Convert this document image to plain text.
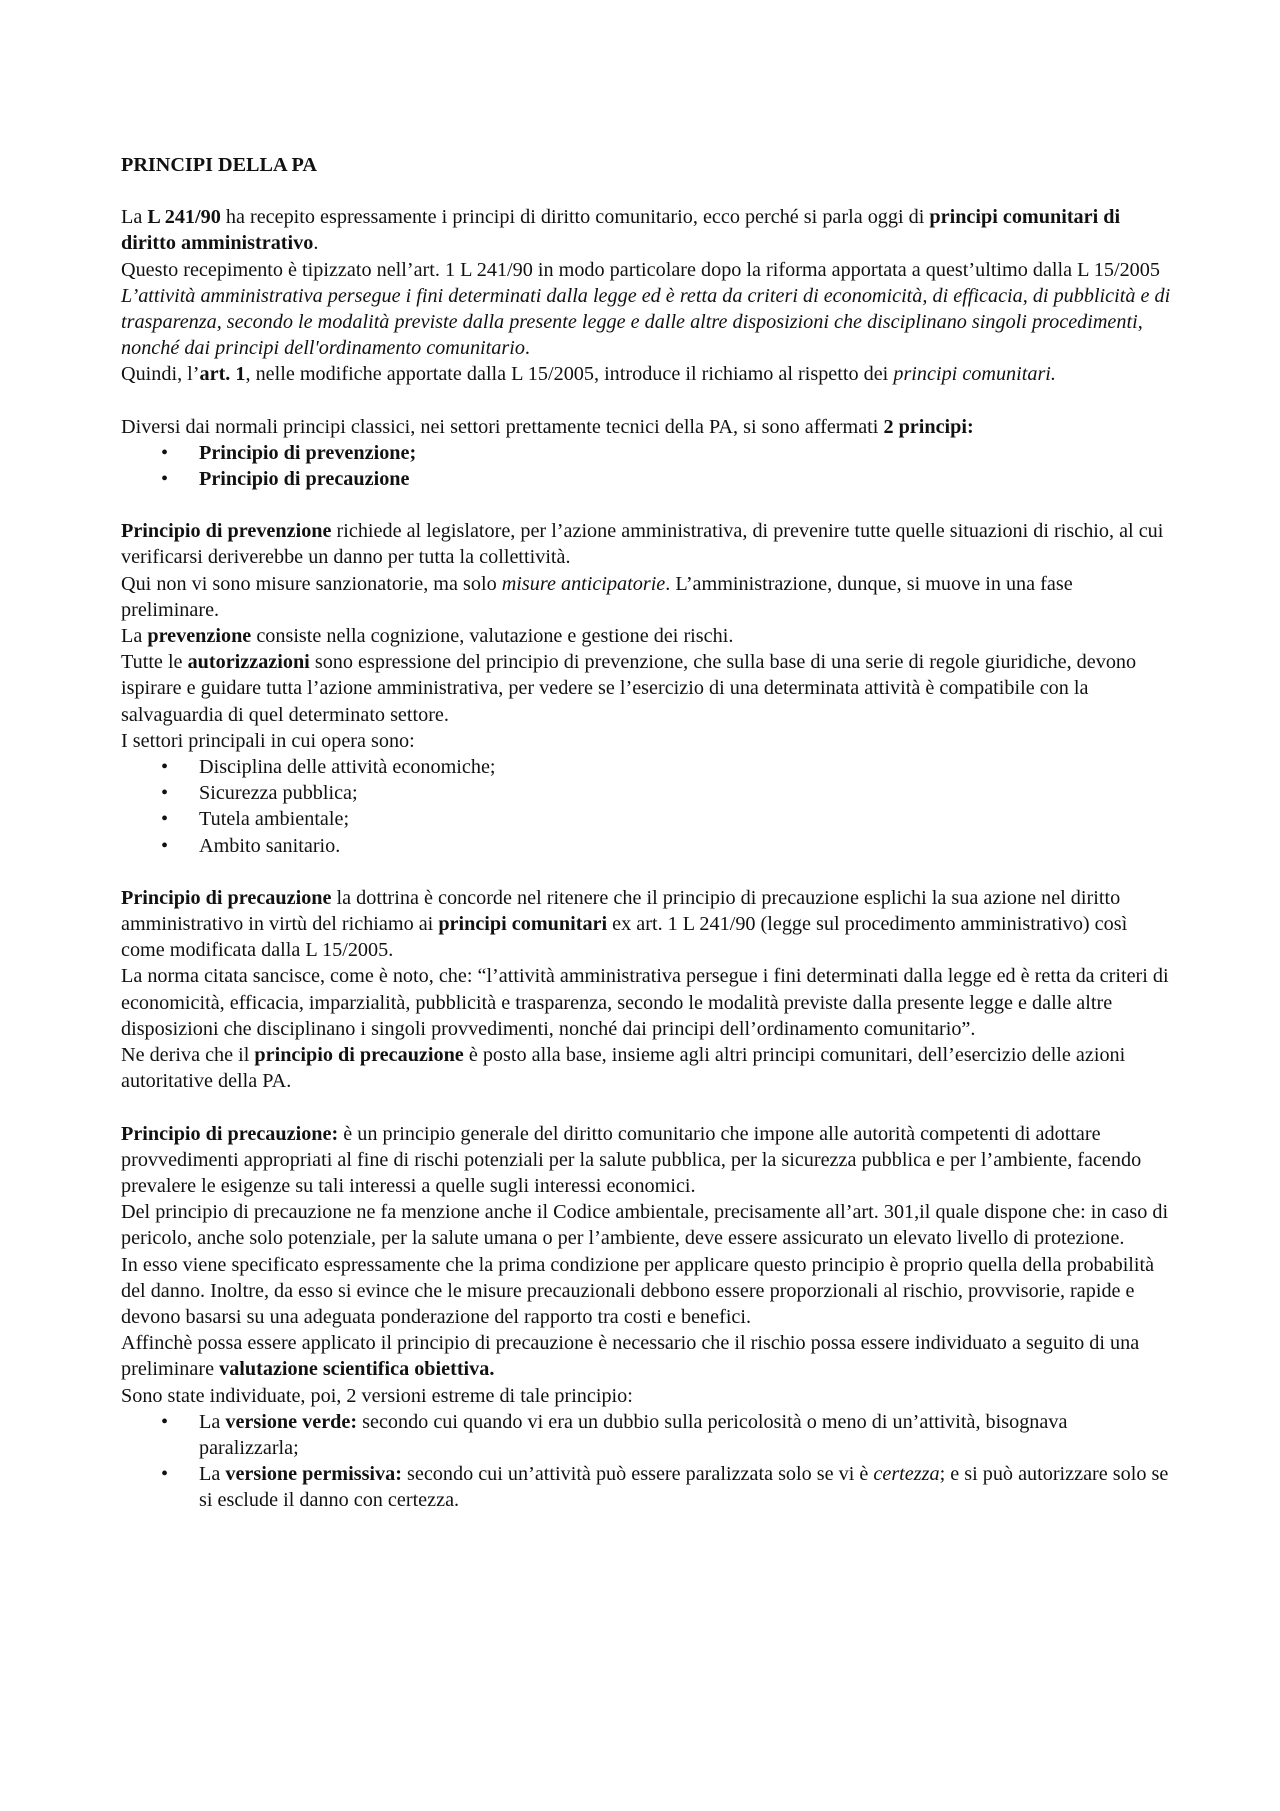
PRINCIPI DELLA PA

La L 241/90 ha recepito espressamente i principi di diritto comunitario, ecco perché si parla oggi di principi comunitari di diritto amministrativo.

Questo recepimento è tipizzato nell’art. 1 L 241/90 in modo particolare dopo la riforma apportata a quest’ultimo dalla L 15/2005 L’attività amministrativa persegue i fini determinati dalla legge ed è retta da criteri di economicità, di efficacia, di pubblicità e di trasparenza, secondo le modalità previste dalla presente legge e dalle altre disposizioni che disciplinano singoli procedimenti, nonché dai principi dell'ordinamento comunitario.

Quindi, l’art. 1, nelle modifiche apportate dalla L 15/2005, introduce il richiamo al rispetto dei principi comunitari.

Diversi dai normali principi classici, nei settori prettamente tecnici della PA, si sono affermati 2 principi:

• Principio di prevenzione;
• Principio di precauzione

Principio di prevenzione richiede al legislatore, per l’azione amministrativa, di prevenire tutte quelle situazioni di rischio, al cui verificarsi deriverebbe un danno per tutta la collettività.

Qui non vi sono misure sanzionatorie, ma solo misure anticipatorie. L’amministrazione, dunque, si muove in una fase preliminare.

La prevenzione consiste nella cognizione, valutazione e gestione dei rischi.

Tutte le autorizzazioni sono espressione del principio di prevenzione, che sulla base di una serie di regole giuridiche, devono ispirare e guidare tutta l’azione amministrativa, per vedere se l’esercizio di una determinata attività è compatibile con la salvaguardia di quel determinato settore.

I settori principali in cui opera sono:

• Disciplina delle attività economiche;
• Sicurezza pubblica;
• Tutela ambientale;
• Ambito sanitario.

Principio di precauzione la dottrina è concorde nel ritenere che il principio di precauzione esplichi la sua azione nel diritto amministrativo in virtù del richiamo ai principi comunitari ex art. 1 L 241/90 (legge sul procedimento amministrativo) così come modificata dalla L 15/2005.

La norma citata sancisce, come è noto, che: “l’attività amministrativa persegue i fini determinati dalla legge ed è retta da criteri di economicità, efficacia, imparzialità, pubblicità e trasparenza, secondo le modalità previste dalla presente legge e dalle altre disposizioni che disciplinano i singoli provvedimenti, nonché dai principi dell’ordinamento comunitario”.

Ne deriva che il principio di precauzione è posto alla base, insieme agli altri principi comunitari, dell’esercizio delle azioni autoritative della PA.

Principio di precauzione: è un principio generale del diritto comunitario che impone alle autorità competenti di adottare provvedimenti appropriati al fine di rischi potenziali per la salute pubblica, per la sicurezza pubblica e per l’ambiente, facendo prevalere le esigenze su tali interessi a quelle sugli interessi economici.

Del principio di precauzione ne fa menzione anche il Codice ambientale, precisamente all’art. 301,il quale dispone che: in caso di pericolo, anche solo potenziale, per la salute umana o per l’ambiente, deve essere assicurato un elevato livello di protezione.

In esso viene specificato espressamente che la prima condizione per applicare questo principio è proprio quella della probabilità del danno. Inoltre, da esso si evince che le misure precauzionali debbono essere proporzionali al rischio, provvisorie, rapide e devono basarsi su una adeguata ponderazione del rapporto tra costi e benefici.

Affinchè possa essere applicato il principio di precauzione è necessario che il rischio possa essere individuato a seguito di una preliminare valutazione scientifica obiettiva.

Sono state individuate, poi, 2 versioni estreme di tale principio:

• La versione verde: secondo cui quando vi era un dubbio sulla pericolosità o meno di un’attività, bisognava paralizzarla;
• La versione permissiva: secondo cui un’attività può essere paralizzata solo se vi è certezza; e si può autorizzare solo se si esclude il danno con certezza.
